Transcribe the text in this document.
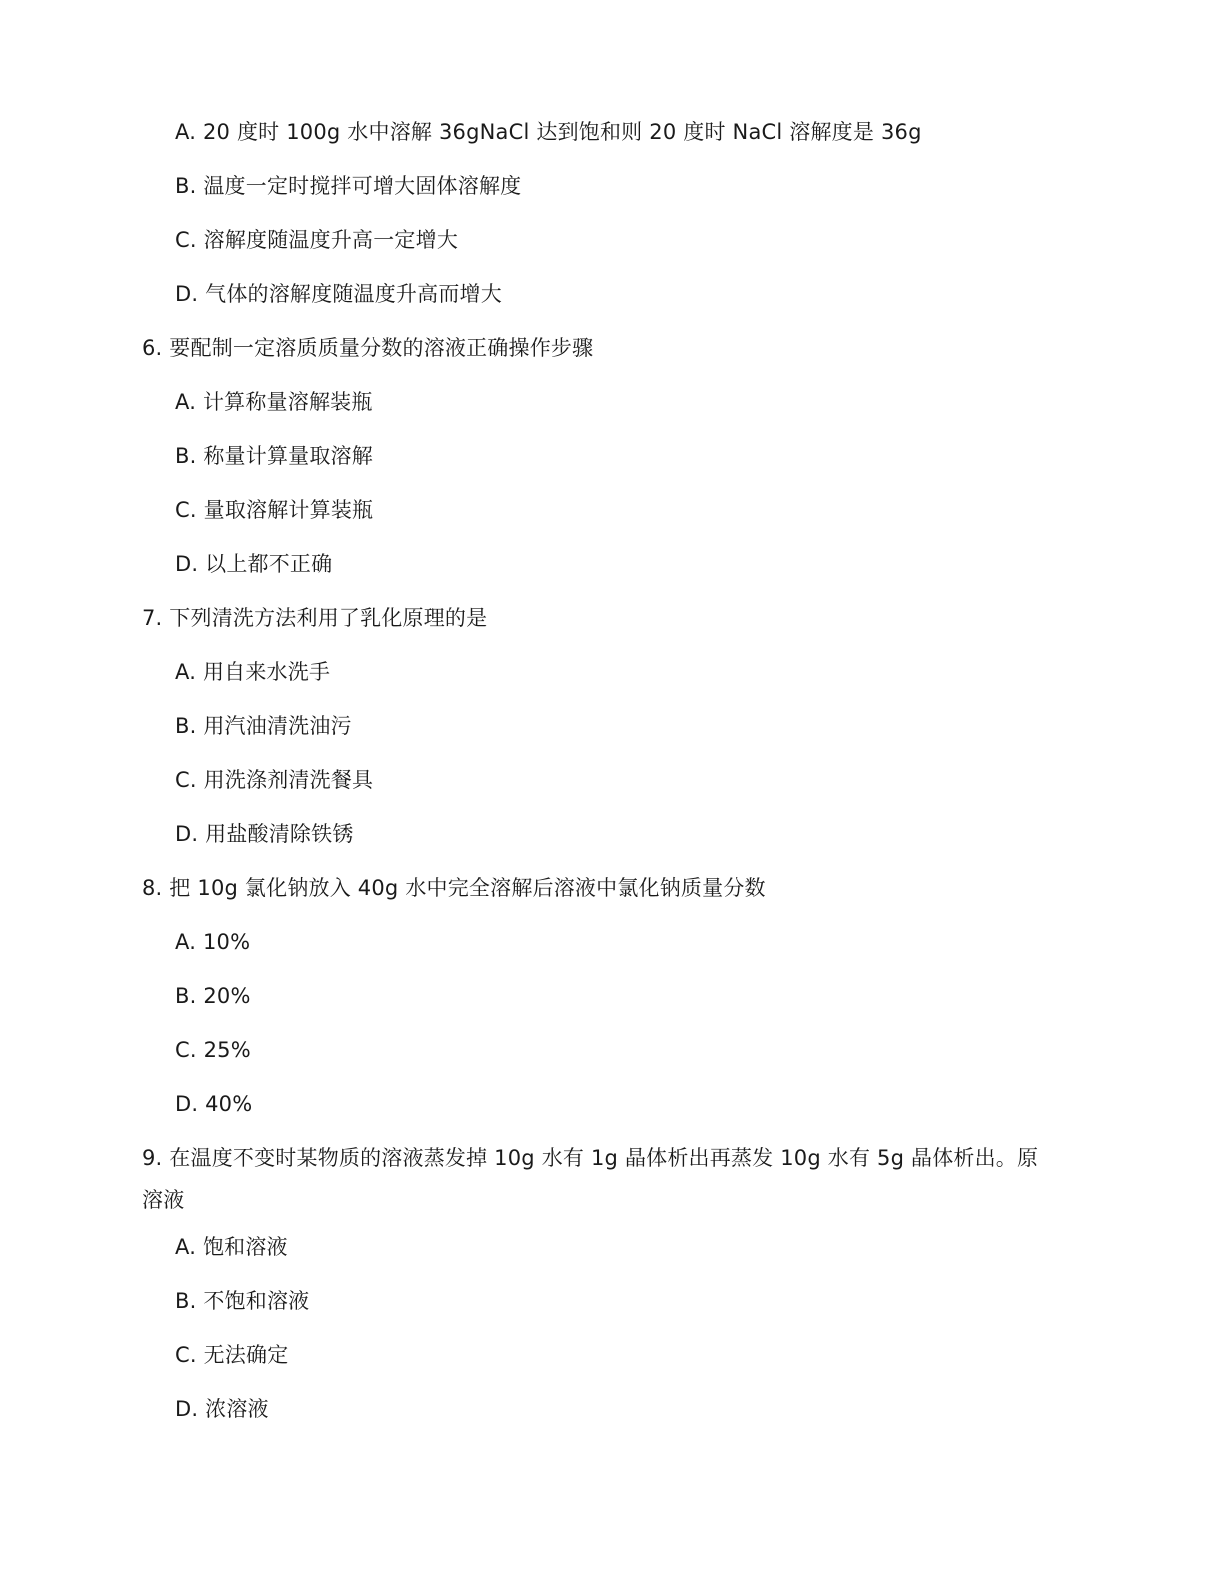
A. 20 度时 100g 水中溶解 36gNaCl 达到饱和则 20 度时 NaCl 溶解度是 36g
B. 温度一定时搅拌可增大固体溶解度
C. 溶解度随温度升高一定增大
D. 气体的溶解度随温度升高而增大
6. 要配制一定溶质质量分数的溶液正确操作步骤
A. 计算称量溶解装瓶
B. 称量计算量取溶解
C. 量取溶解计算装瓶
D. 以上都不正确
7. 下列清洗方法利用了乳化原理的是
A. 用自来水洗手
B. 用汽油清洗油污
C. 用洗涤剂清洗餐具
D. 用盐酸清除铁锈
8. 把 10g 氯化钠放入 40g 水中完全溶解后溶液中氯化钠质量分数
A. 10%
B. 20%
C. 25%
D. 40%
9. 在温度不变时某物质的溶液蒸发掉 10g 水有 1g 晶体析出再蒸发 10g 水有 5g 晶体析出。原
溶液
A. 饱和溶液
B. 不饱和溶液
C. 无法确定
D. 浓溶液
